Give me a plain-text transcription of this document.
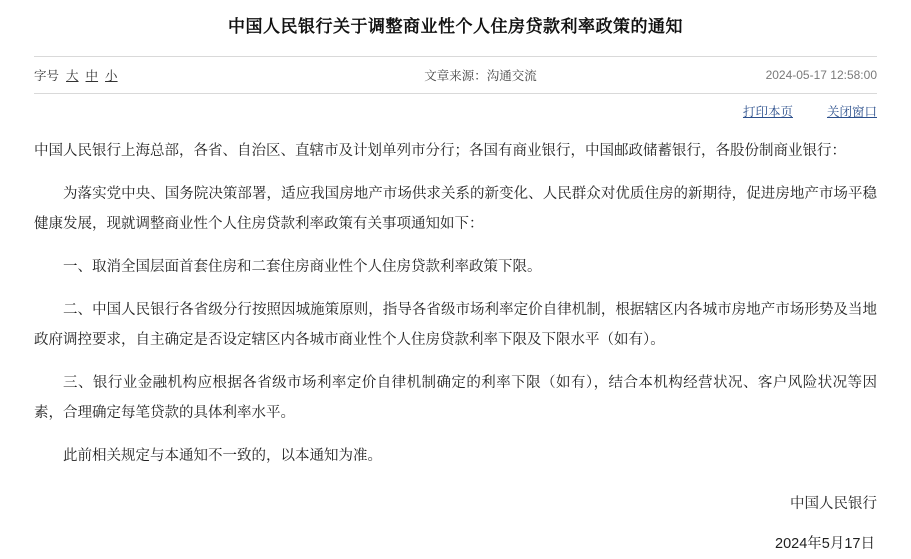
中国人民银行关于调整商业性个人住房贷款利率政策的通知
字号 大 中 小	文章来源：沟通交流	2024-05-17 12:58:00
打印本页	关闭窗口

中国人民银行上海总部，各省、自治区、直辖市及计划单列市分行；各国有商业银行，中国邮政储蓄银行，各股份制商业银行：

为落实党中央、国务院决策部署，适应我国房地产市场供求关系的新变化、人民群众对优质住房的新期待，促进房地产市场平稳健康发展，现就调整商业性个人住房贷款利率政策有关事项通知如下：

一、取消全国层面首套住房和二套住房商业性个人住房贷款利率政策下限。

二、中国人民银行各省级分行按照因城施策原则，指导各省级市场利率定价自律机制，根据辖区内各城市房地产市场形势及当地政府调控要求，自主确定是否设定辖区内各城市商业性个人住房贷款利率下限及下限水平（如有）。

三、银行业金融机构应根据各省级市场利率定价自律机制确定的利率下限（如有），结合本机构经营状况、客户风险状况等因素，合理确定每笔贷款的具体利率水平。

此前相关规定与本通知不一致的，以本通知为准。

中国人民银行
2024年5月17日
